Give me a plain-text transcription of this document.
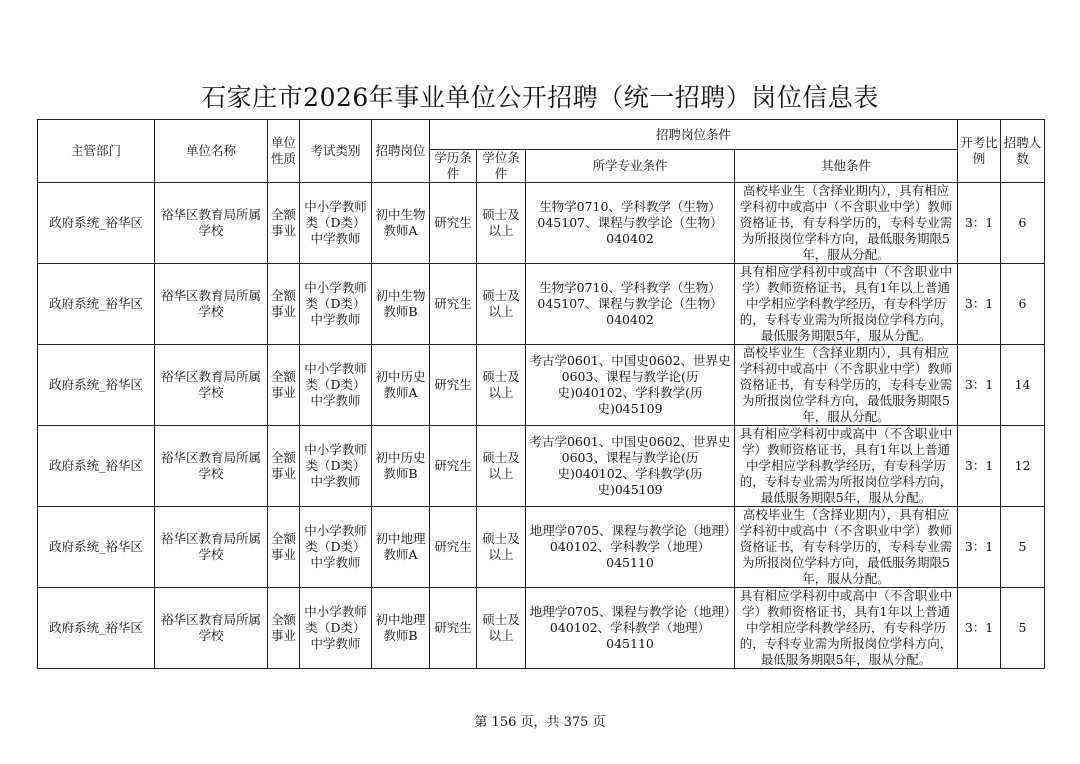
石家庄市2026年事业单位公开招聘（统一招聘）岗位信息表
主管部门	单位名称	单位性质	考试类别	招聘岗位	招聘岗位条件				开考比例	招聘人数
					学历条件	学位条件	所学专业条件	其他条件		
政府系统_裕华区	裕华区教育局所属学校	全额事业	中小学教师类（D类）中学教师	初中生物教师A	研究生	硕士及以上	生物学0710、学科教学（生物）045107、课程与教学论（生物）040402	高校毕业生（含择业期内），具有相应学科初中或高中（不含职业中学）教师资格证书，有专科学历的，专科专业需为所报岗位学科方向，最低服务期限5年，服从分配。	3：1	6
政府系统_裕华区	裕华区教育局所属学校	全额事业	中小学教师类（D类）中学教师	初中生物教师B	研究生	硕士及以上	生物学0710、学科教学（生物）045107、课程与教学论（生物）040402	具有相应学科初中或高中（不含职业中学）教师资格证书，具有1年以上普通中学相应学科教学经历，有专科学历的，专科专业需为所报岗位学科方向，最低服务期限5年，服从分配。	3：1	6
政府系统_裕华区	裕华区教育局所属学校	全额事业	中小学教师类（D类）中学教师	初中历史教师A	研究生	硕士及以上	考古学0601、中国史0602、世界史0603、课程与教学论(历史)040102、学科教学(历史)045109	高校毕业生（含择业期内），具有相应学科初中或高中（不含职业中学）教师资格证书，有专科学历的，专科专业需为所报岗位学科方向，最低服务期限5年，服从分配。	3：1	14
政府系统_裕华区	裕华区教育局所属学校	全额事业	中小学教师类（D类）中学教师	初中历史教师B	研究生	硕士及以上	考古学0601、中国史0602、世界史0603、课程与教学论(历史)040102、学科教学(历史)045109	具有相应学科初中或高中（不含职业中学）教师资格证书，具有1年以上普通中学相应学科教学经历，有专科学历的，专科专业需为所报岗位学科方向，最低服务期限5年，服从分配。	3：1	12
政府系统_裕华区	裕华区教育局所属学校	全额事业	中小学教师类（D类）中学教师	初中地理教师A	研究生	硕士及以上	地理学0705、课程与教学论（地理）040102、学科教学（地理）045110	高校毕业生（含择业期内），具有相应学科初中或高中（不含职业中学）教师资格证书，有专科学历的，专科专业需为所报岗位学科方向，最低服务期限5年，服从分配。	3：1	5
政府系统_裕华区	裕华区教育局所属学校	全额事业	中小学教师类（D类）中学教师	初中地理教师B	研究生	硕士及以上	地理学0705、课程与教学论（地理）040102、学科教学（地理）045110	具有相应学科初中或高中（不含职业中学）教师资格证书，具有1年以上普通中学相应学科教学经历，有专科学历的，专科专业需为所报岗位学科方向，最低服务期限5年，服从分配。	3：1	5
第 156 页，共 375 页
